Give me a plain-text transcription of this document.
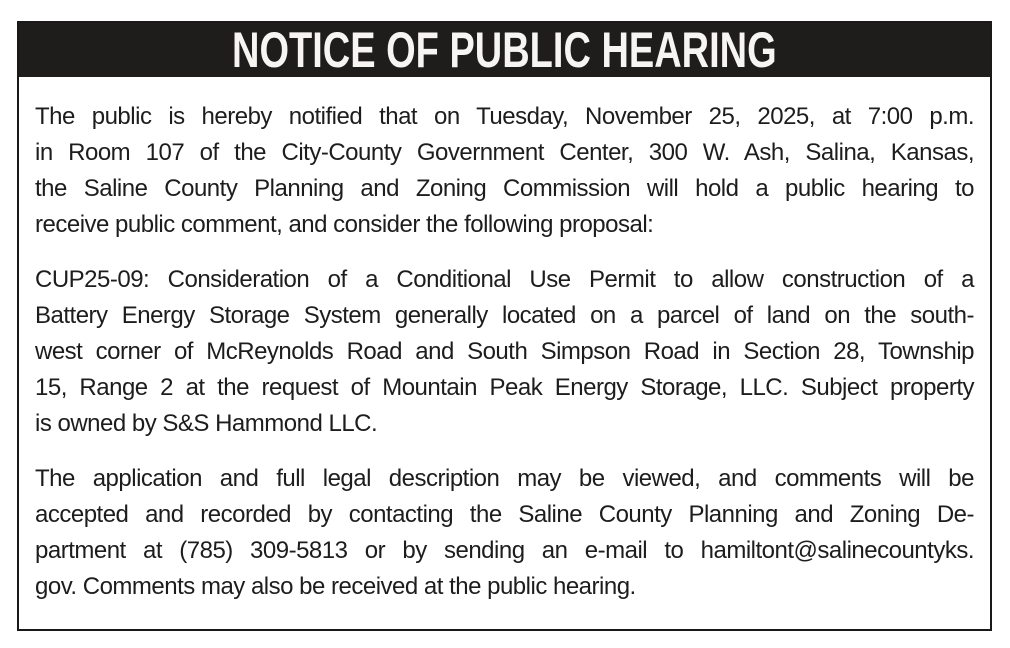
NOTICE OF PUBLIC HEARING
The public is hereby notified that on Tuesday, November 25, 2025, at 7:00 p.m.
in Room 107 of the City-County Government Center, 300 W. Ash, Salina, Kansas,
the Saline County Planning and Zoning Commission will hold a public hearing to
receive public comment, and consider the following proposal:
CUP25-09: Consideration of a Conditional Use Permit to allow construction of a
Battery Energy Storage System generally located on a parcel of land on the south-
west corner of McReynolds Road and South Simpson Road in Section 28, Township
15, Range 2 at the request of Mountain Peak Energy Storage, LLC. Subject property
is owned by S&S Hammond LLC.
The application and full legal description may be viewed, and comments will be
accepted and recorded by contacting the Saline County Planning and Zoning De-
partment at (785) 309-5813 or by sending an e-mail to hamiltont@salinecountyks.
gov. Comments may also be received at the public hearing.
